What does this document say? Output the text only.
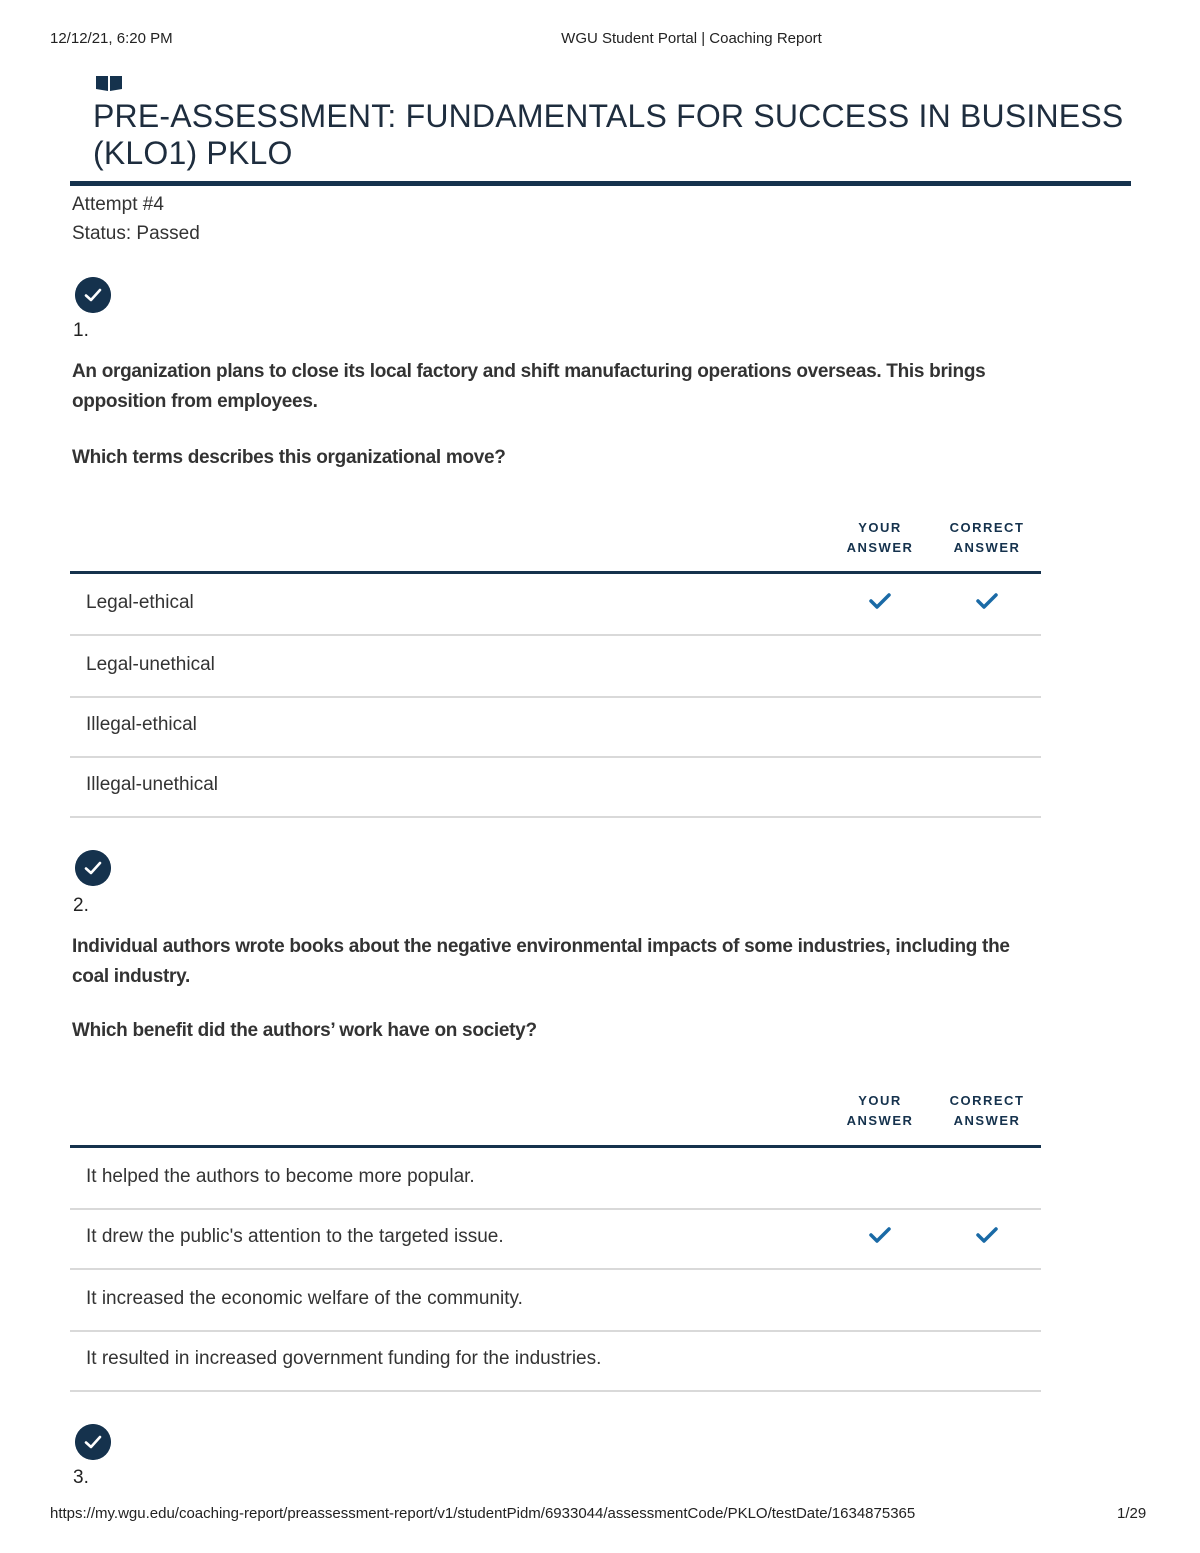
12/12/21, 6:20 PM	WGU Student Portal | Coaching Report
PRE-ASSESSMENT: FUNDAMENTALS FOR SUCCESS IN BUSINESS (KLO1) PKLO
Attempt #4
Status: Passed
1.
An organization plans to close its local factory and shift manufacturing operations overseas. This brings opposition from employees.
Which terms describes this organizational move?
YOUR
ANSWER
CORRECT
ANSWER
Legal-ethical
Legal-unethical
Illegal-ethical
Illegal-unethical
2.
Individual authors wrote books about the negative environmental impacts of some industries, including the coal industry.
Which benefit did the authors’ work have on society?
YOUR
ANSWER
CORRECT
ANSWER
It helped the authors to become more popular.
It drew the public's attention to the targeted issue.
It increased the economic welfare of the community.
It resulted in increased government funding for the industries.
3.
https://my.wgu.edu/coaching-report/preassessment-report/v1/studentPidm/6933044/assessmentCode/PKLO/testDate/1634875365	1/29
